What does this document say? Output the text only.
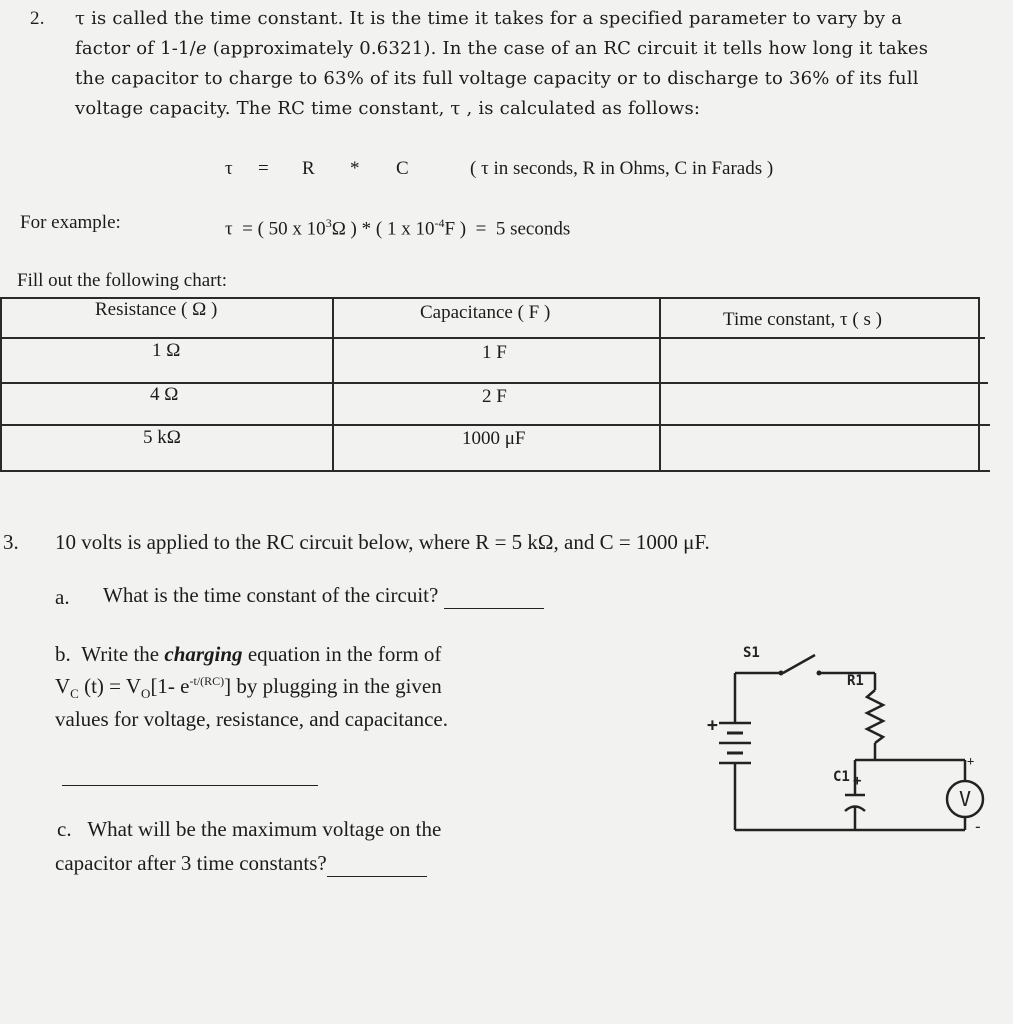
2. τ is called the time constant. It is the time it takes for a specified parameter to vary by a
factor of 1-1/e (approximately 0.6321). In the case of an RC circuit it tells how long it takes
the capacitor to charge to 63% of its full voltage capacity or to discharge to 36% of its full
voltage capacity. The RC time constant, τ , is calculated as follows:
τ = R * C	( τ in seconds, R in Ohms, C in Farads )
For example:	τ = ( 50 x $10^3\Omega$ ) * ( 1 x $10^{-4}F$ ) = 5 seconds
Fill out the following chart:
Resistance ( Ω )	Capacitance ( F )	Time constant, τ ( s )
1 Ω	1 F
4 Ω	2 F
5 kΩ	1000 μF
3. 10 volts is applied to the RC circuit below, where R = 5 kΩ, and C = 1000 μF.
a. What is the time constant of the circuit?
b. Write the charging equation in the form of
$V_C$ $(t) = V_O[1-$ $e^{-t/(RC)}$] by plugging in the given
values for voltage, resistance, and capacitance.
c. What will be the maximum voltage on the
capacitor after 3 time constants?
V
S1
R1
C1
+
+
+
-
